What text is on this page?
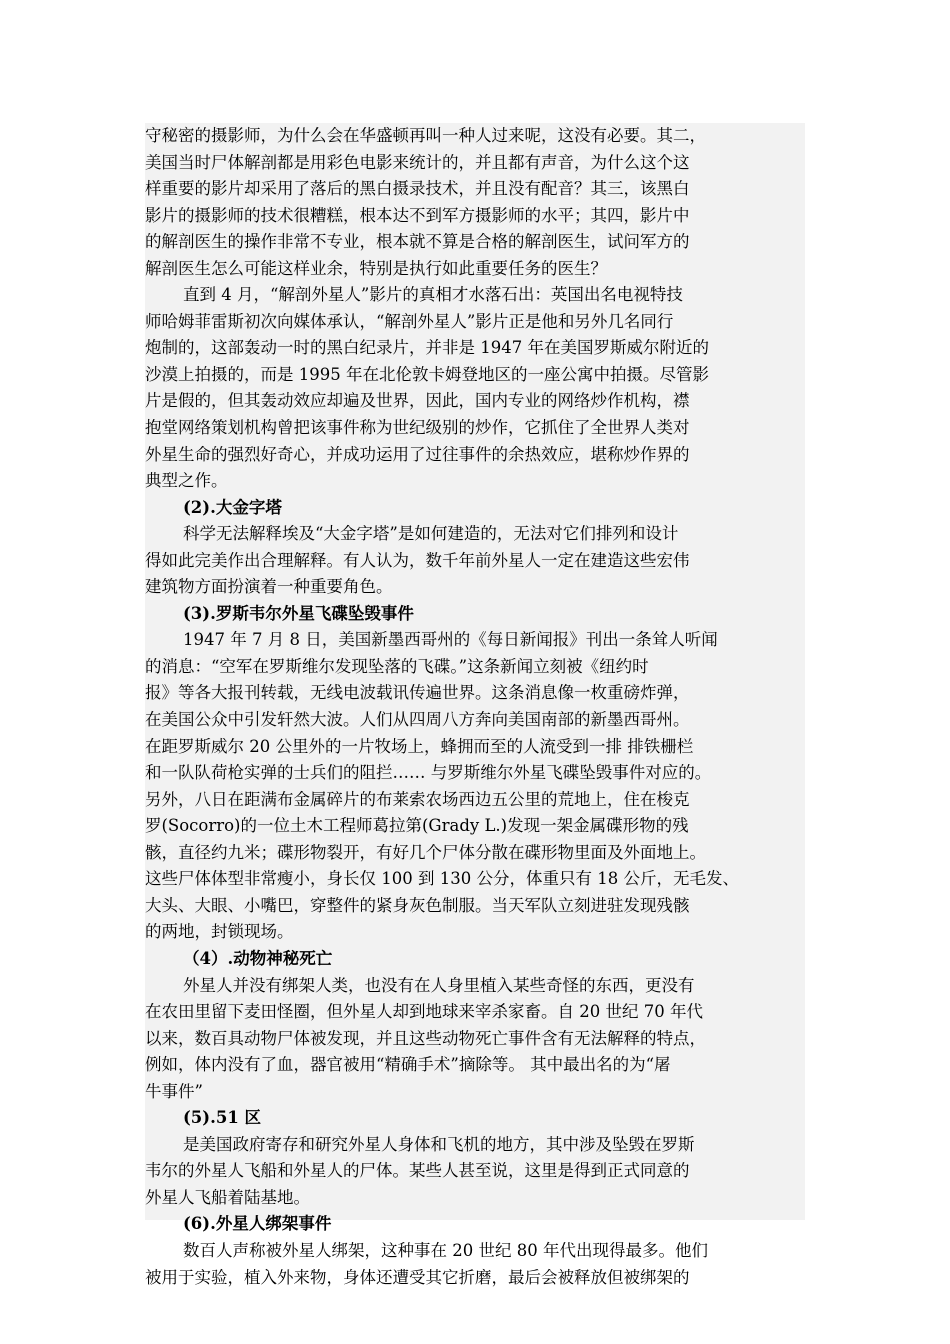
守秘密的摄影师，为什么会在华盛顿再叫一种人过来呢，这没有必要。其二，
美国当时尸体解剖都是用彩色电影来统计的，并且都有声音，为什么这个这
样重要的影片却采用了落后的黑白摄录技术，并且没有配音？其三，该黑白
影片的摄影师的技术很糟糕，根本达不到军方摄影师的水平；其四，影片中
的解剖医生的操作非常不专业，根本就不算是合格的解剖医生，试问军方的
解剖医生怎么可能这样业余，特别是执行如此重要任务的医生？
直到 4 月，“解剖外星人”影片的真相才水落石出：英国出名电视特技
师哈姆菲雷斯初次向媒体承认，“解剖外星人”影片正是他和另外几名同行
炮制的，这部轰动一时的黑白纪录片，并非是 1947 年在美国罗斯威尔附近的
沙漠上拍摄的，而是 1995 年在北伦敦卡姆登地区的一座公寓中拍摄。尽管影
片是假的，但其轰动效应却遍及世界，因此，国内专业的网络炒作机构，襟
抱堂网络策划机构曾把该事件称为世纪级别的炒作，它抓住了全世界人类对
外星生命的强烈好奇心，并成功运用了过往事件的余热效应，堪称炒作界的
典型之作。
(2).大金字塔
科学无法解释埃及“大金字塔”是如何建造的，无法对它们排列和设计
得如此完美作出合理解释。有人认为，数千年前外星人一定在建造这些宏伟
建筑物方面扮演着一种重要角色。
(3).罗斯韦尔外星飞碟坠毁事件
1947 年 7 月 8 日，美国新墨西哥州的《每日新闻报》刊出一条耸人听闻
的消息：“空军在罗斯维尔发现坠落的飞碟。”这条新闻立刻被《纽约时
报》等各大报刊转载，无线电波载讯传遍世界。这条消息像一枚重磅炸弹，
在美国公众中引发轩然大波。人们从四周八方奔向美国南部的新墨西哥州。
在距罗斯威尔 20 公里外的一片牧场上，蜂拥而至的人流受到一排 排铁栅栏
和一队队荷枪实弹的士兵们的阻拦…… 与罗斯维尔外星飞碟坠毁事件对应的。
另外，八日在距满布金属碎片的布莱索农场西边五公里的荒地上，住在梭克
罗(Socorro)的一位土木工程师葛拉第(Grady L.)发现一架金属碟形物的残
骸，直径约九米；碟形物裂开，有好几个尸体分散在碟形物里面及外面地上。
这些尸体体型非常瘦小，身长仅 100 到 130 公分，体重只有 18 公斤，无毛发、
大头、大眼、小嘴巴，穿整件的紧身灰色制服。当天军队立刻进驻发现残骸
的两地，封锁现场。
（4）.动物神秘死亡
外星人并没有绑架人类，也没有在人身里植入某些奇怪的东西，更没有
在农田里留下麦田怪圈，但外星人却到地球来宰杀家畜。自 20 世纪 70 年代
以来，数百具动物尸体被发现，并且这些动物死亡事件含有无法解释的特点，
例如，体内没有了血，器官被用“精确手术”摘除等。 其中最出名的为“屠
牛事件”
(5).51 区
是美国政府寄存和研究外星人身体和飞机的地方，其中涉及坠毁在罗斯
韦尔的外星人飞船和外星人的尸体。某些人甚至说，这里是得到正式同意的
外星人飞船着陆基地。
(6).外星人绑架事件
数百人声称被外星人绑架，这种事在 20 世纪 80 年代出现得最多。他们
被用于实验，植入外来物，身体还遭受其它折磨，最后会被释放但被绑架的
